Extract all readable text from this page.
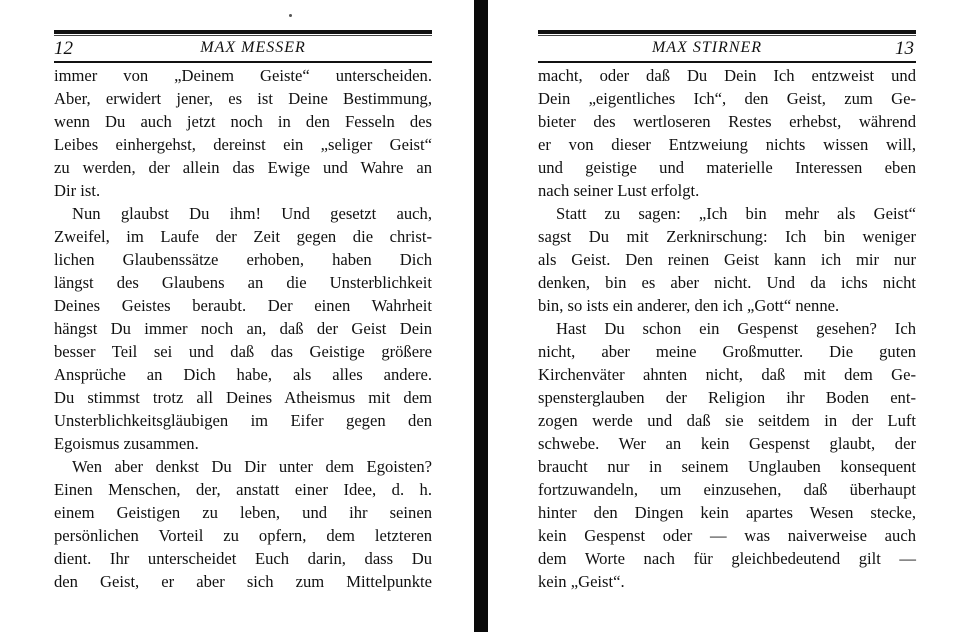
12	MAX MESSER
immer von „Deinem Geiste“ unterscheiden.
Aber, erwidert jener, es ist Deine Bestimmung,
wenn Du auch jetzt noch in den Fesseln des
Leibes einhergehst, dereinst ein „seliger Geist“
zu werden, der allein das Ewige und Wahre an
Dir ist.
Nun glaubst Du ihm! Und gesetzt auch,
Zweifel, im Laufe der Zeit gegen die christ-
lichen Glaubenssätze erhoben, haben Dich
längst des Glaubens an die Unsterblichkeit
Deines Geistes beraubt. Der einen Wahrheit
hängst Du immer noch an, daß der Geist Dein
besser Teil sei und daß das Geistige größere
Ansprüche an Dich habe, als alles andere.
Du stimmst trotz all Deines Atheismus mit dem
Unsterblichkeitsgläubigen im Eifer gegen den
Egoismus zusammen.
Wen aber denkst Du Dir unter dem Egoisten?
Einen Menschen, der, anstatt einer Idee, d. h.
einem Geistigen zu leben, und ihr seinen
persönlichen Vorteil zu opfern, dem letzteren
dient. Ihr unterscheidet Euch darin, dass Du
den Geist, er aber sich zum Mittelpunkte
MAX STIRNER	13
macht, oder daß Du Dein Ich entzweist und
Dein „eigentliches Ich“, den Geist, zum Ge-
bieter des wertloseren Restes erhebst, während
er von dieser Entzweiung nichts wissen will,
und geistige und materielle Interessen eben
nach seiner Lust erfolgt.
Statt zu sagen: „Ich bin mehr als Geist“
sagst Du mit Zerknirschung: Ich bin weniger
als Geist. Den reinen Geist kann ich mir nur
denken, bin es aber nicht. Und da ichs nicht
bin, so ists ein anderer, den ich „Gott“ nenne.
Hast Du schon ein Gespenst gesehen? Ich
nicht, aber meine Großmutter. Die guten
Kirchenväter ahnten nicht, daß mit dem Ge-
spensterglauben der Religion ihr Boden ent-
zogen werde und daß sie seitdem in der Luft
schwebe. Wer an kein Gespenst glaubt, der
braucht nur in seinem Unglauben konsequent
fortzuwandeln, um einzusehen, daß überhaupt
hinter den Dingen kein apartes Wesen stecke,
kein Gespenst oder — was naiverweise auch
dem Worte nach für gleichbedeutend gilt —
kein „Geist“.
